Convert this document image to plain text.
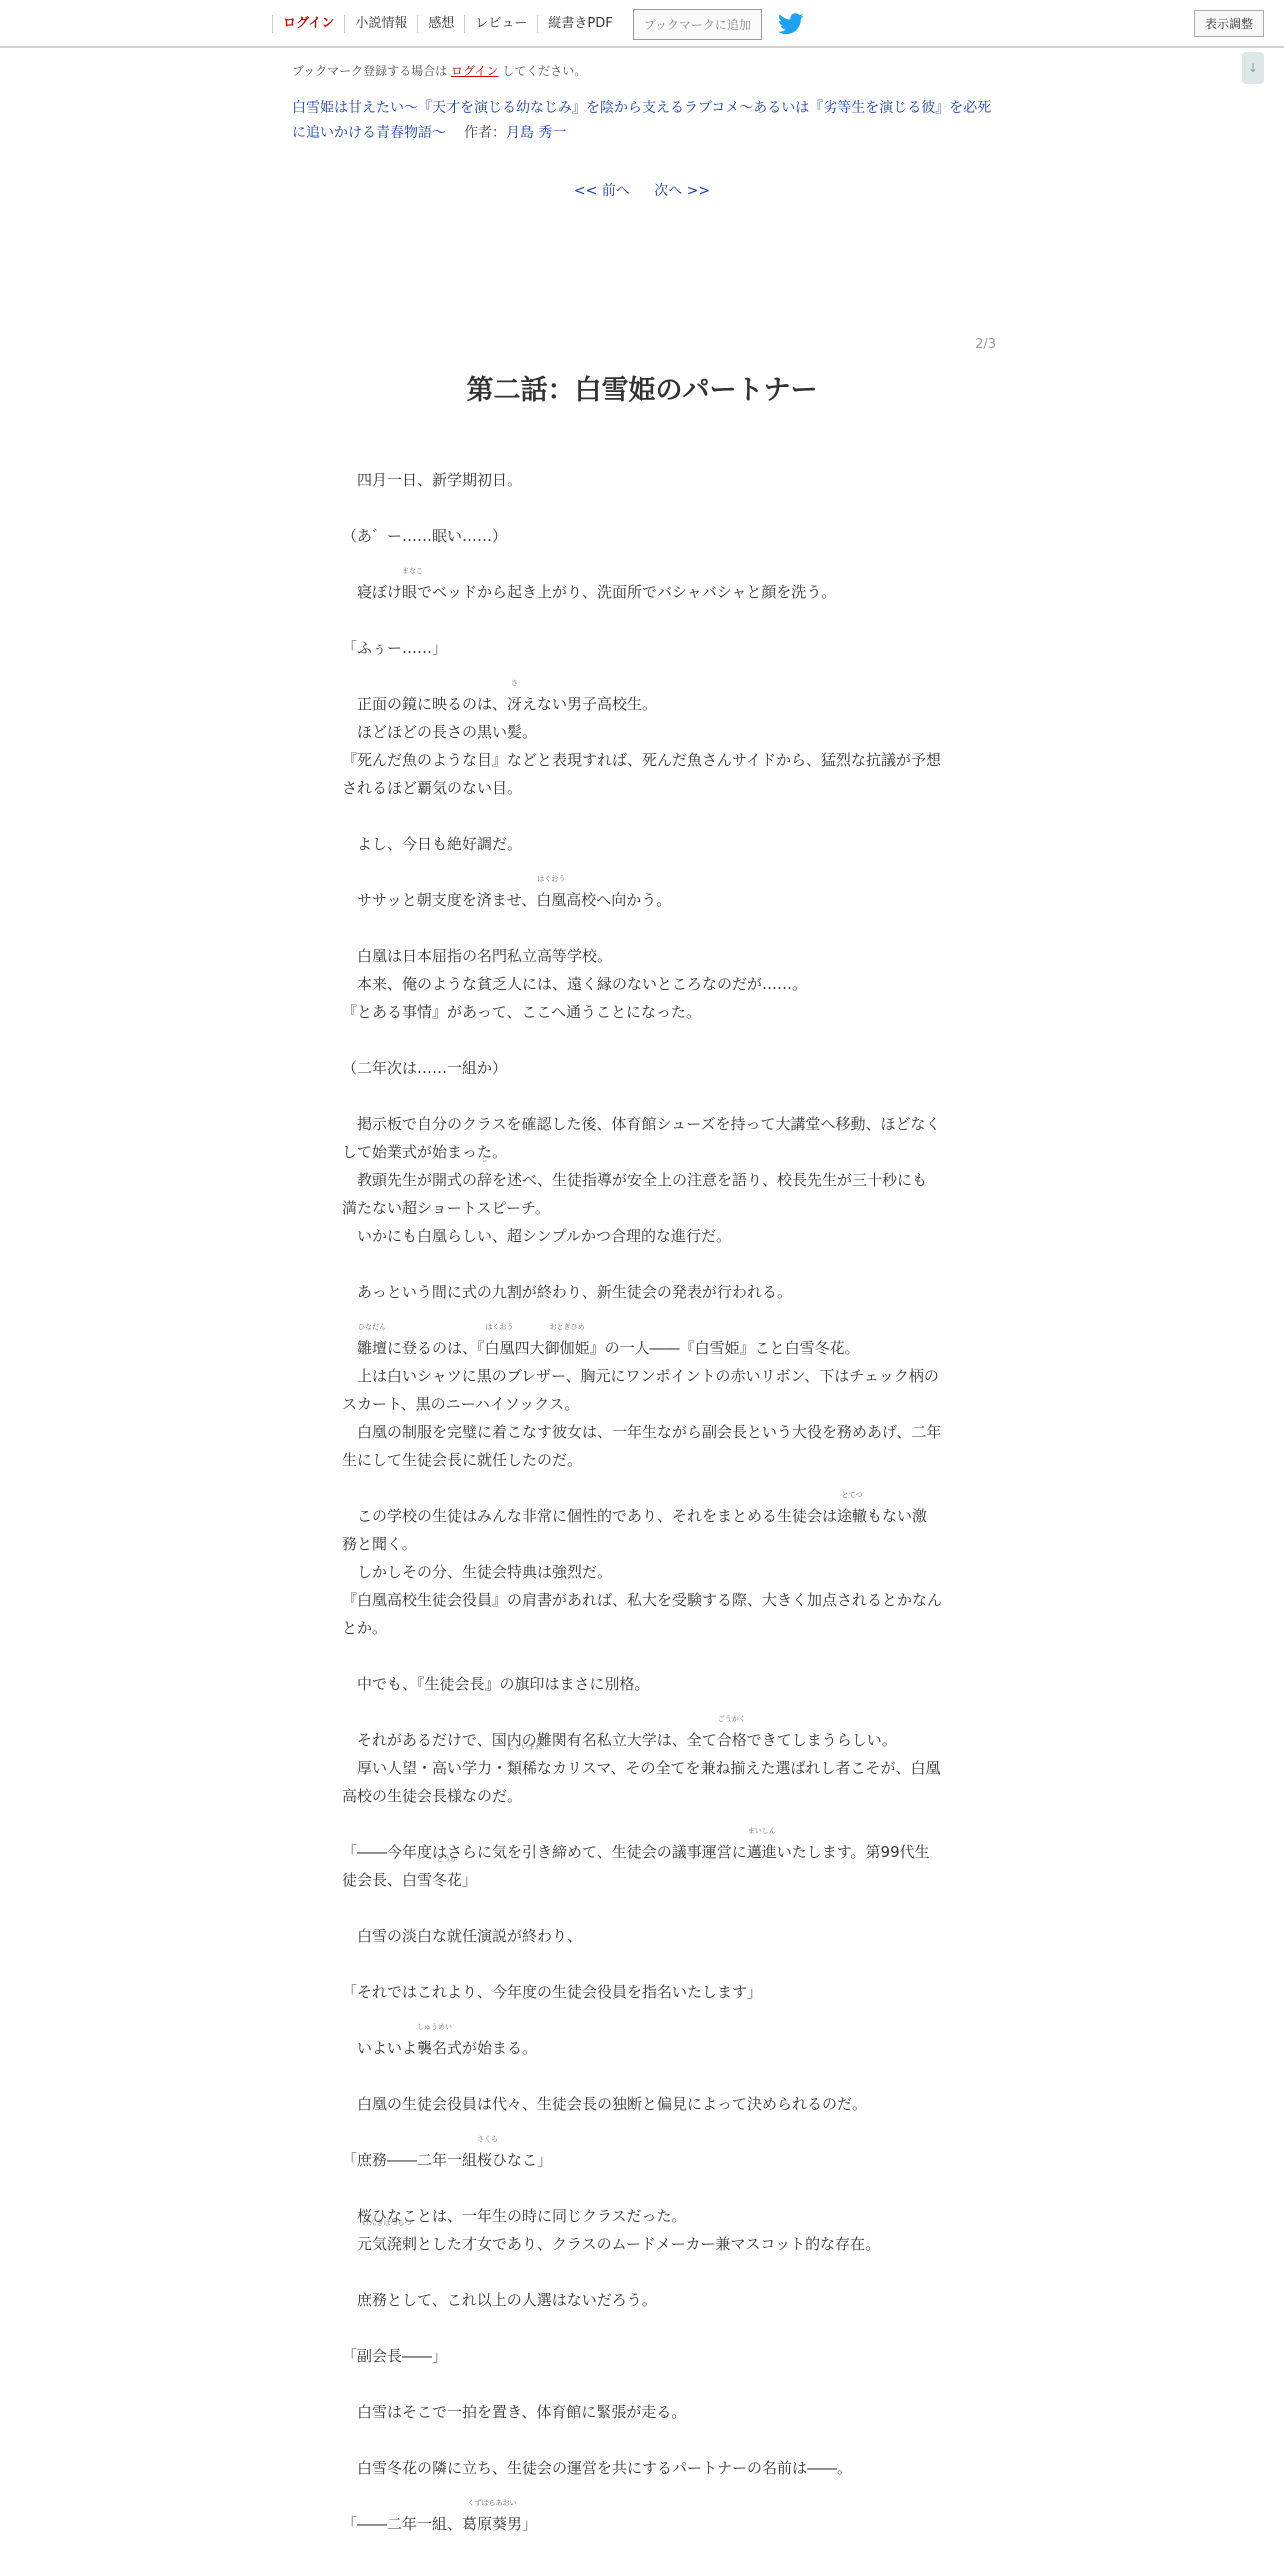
ログイン	小説情報	感想	レビュー	縦書きPDF	ブックマークに追加	表示調整
↓
ブックマーク登録する場合は ログイン してください。
白雪姫は甘えたい～『天才を演じる幼なじみ』を陰から支えるラブコメ～あるいは『劣等生を演じる彼』を必死に追いかける青春物語～ 作者：月島 秀一
<< 前へ 次へ >>
2/3
第二話：白雪姫のパートナー

　四月一日、新学期初日。

（あ゛ー……眠い……）

　寝ぼけまなこ 眼でベッドから起き上がり、洗面所でバシャバシャと顔を洗う。

「ふぅー……」

　正面の鏡に映るのは、さ 冴えない男子高校生。

　ほどほどの長さの黒い髪。

『死んだ魚のような目』などと表現すれば、死んだ魚さんサイドから、猛烈な抗議が予想されるほど覇気のない目。

　よし、今日も絶好調だ。

　ササッと朝支度を済ませ、はくおう 白凰高校へ向かう。

　白凰は日本屈指の名門私立高等学校。

　本来、俺のような貧乏人には、遠く縁のないところなのだが……。

『とある事情』があって、ここへ通うことになった。

（二年次は……一組か）

　掲示板で自分のクラスを確認した後、体育館シューズを持って大講堂へ移動、ほどなくして始業式が始まった。

　教頭先生が開式のじ 辞を述べ、生徒指導が安全上の注意を語り、校長先生が三十秒にも満たない超ショートスピーチ。

　いかにも白凰らしい、超シンプルかつ合理的な進行だ。

　あっという間に式の九割が終わり、新生徒会の発表が行われる。

　ひなだん 雛壇に登るのは、『はくおう 白凰四大おとぎひめ 御伽姫』の一人――『白雪姫』こと白雪冬花。

　上は白いシャツに黒のブレザー、胸元にワンポイントの赤いリボン、下はチェック柄のスカート、黒のニーハイソックス。

　白凰の制服を完璧に着こなす彼女は、一年生ながら副会長という大役を務めあげ、二年生にして生徒会長に就任したのだ。

　この学校の生徒はみんな非常に個性的であり、それをまとめる生徒会はとてつ 途轍もない激務と聞く。

　しかしその分、生徒会特典は強烈だ。

『白凰高校生徒会役員』の肩書があれば、私大を受験する際、大きく加点されるとかなんとか。

　中でも、『生徒会長』の旗印はまさに別格。

　それがあるだけで、国内の難関有名私立大学は、全てごうかく 合格できてしまうらしい。

　厚い人望・高い学力・たぐいまれ 類稀なカリスマ、その全てを兼ね揃えた選ばれし者こそが、白凰高校の生徒会長様なのだ。

「――今年度はさらに気を引き締めて、生徒会の議事運営にまいしん 邁進いたします。第99代生徒会長、白雪とうか 冬花」

　白雪の淡白な就任演説が終わり、

「それではこれより、今年度の生徒会役員を指名いたします」

　いよいよしゅうめい 襲名式が始まる。

　白凰の生徒会役員は代々、生徒会長の独断と偏見によって決められるのだ。

「庶務――二年一組さくら 桜ひなこ」

　桜ひなことは、一年生の時に同じクラスだった。

　げんきはつらつ 元気溌剌とした才女であり、クラスのムードメーカー兼マスコット的な存在。

　庶務として、これ以上の人選はないだろう。

「副会長――」

　白雪はそこで一拍を置き、体育館に緊張が走る。

　白雪冬花の隣に立ち、生徒会の運営を共にするパートナーの名前は――。

「――二年一組、くずはらあおい 葛原葵男」
